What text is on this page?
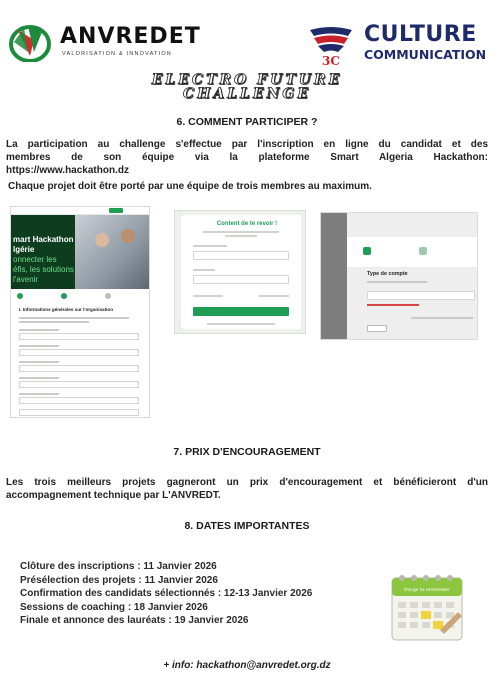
ANVREDET
VALORISATION & INNOVATION	3C
CULTURE
COMMUNICATION
ELECTRO FUTURE
CHALLENGE
6. COMMENT PARTICIPER ?
La participation au challenge s'effectue par l'inscription en ligne du candidat et des
membres de son équipe via la plateforme Smart Algeria Hackathon:
https://www.hackathon.dz
Chaque projet doit être porté par une équipe de trois membres au maximum.
mart Hackathon
lgérie
onnecter les
éfis, les solutions
l'avenir
I. Informations générales sur l'organisation
Content de te revoir !
Type de compte
7. PRIX D'ENCOURAGEMENT
Les trois meilleurs projets gagneront un prix d'encouragement et bénéficieront d'un
accompagnement technique par L'ANVREDT.
8. DATES IMPORTANTES
Clôture des inscriptions : 11 Janvier 2026
Présélection des projets : 11 Janvier 2026
Confirmation des candidats sélectionnés : 12-13 Janvier 2026
Sessions de coaching : 18 Janvier 2026
Finale et annonce des lauréats : 19 Janvier 2026
things to remember
+ info: hackathon@anvredet.org.dz
